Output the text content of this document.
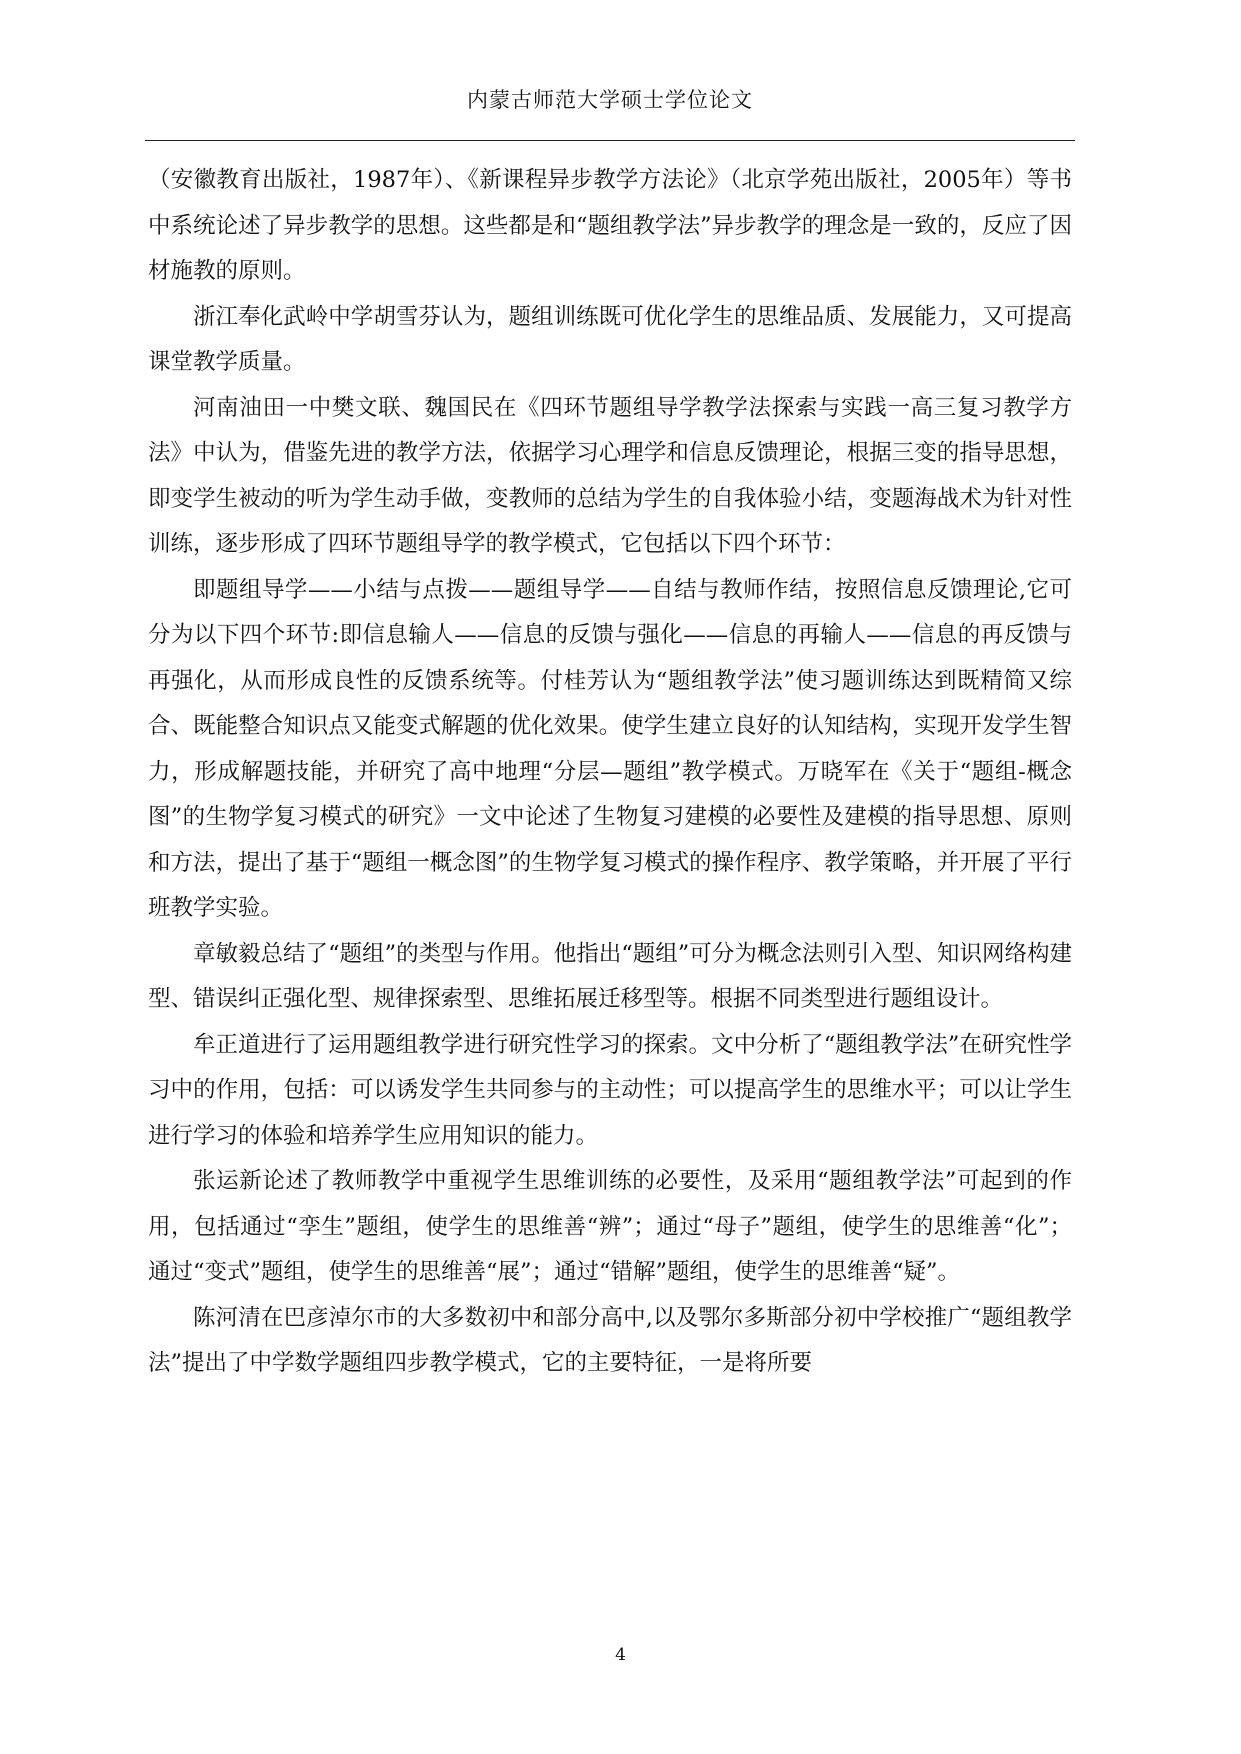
内蒙古师范大学硕士学位论文

（安徽教育出版社，1987年）、《新课程异步教学方法论》（北京学苑出版社，2005年）等书中系统论述了异步教学的思想。这些都是和“题组教学法”异步教学的理念是一致的，反应了因材施教的原则。

浙江奉化武岭中学胡雪芬认为，题组训练既可优化学生的思维品质、发展能力，又可提高课堂教学质量。

河南油田一中樊文联、魏国民在《四环节题组导学教学法探索与实践一高三复习教学方法》中认为，借鉴先进的教学方法，依据学习心理学和信息反馈理论，根据三变的指导思想，即变学生被动的听为学生动手做，变教师的总结为学生的自我体验小结，变题海战术为针对性训练，逐步形成了四环节题组导学的教学模式，它包括以下四个环节：

即题组导学——小结与点拨——题组导学——自结与教师作结，按照信息反馈理论,它可分为以下四个环节:即信息输人——信息的反馈与强化——信息的再输人——信息的再反馈与再强化，从而形成良性的反馈系统等。付桂芳认为“题组教学法”使习题训练达到既精简又综合、既能整合知识点又能变式解题的优化效果。使学生建立良好的认知结构，实现开发学生智力，形成解题技能，并研究了高中地理“分层—题组”教学模式。万晓军在《关于“题组-概念图”的生物学复习模式的研究》一文中论述了生物复习建模的必要性及建模的指导思想、原则和方法，提出了基于“题组一概念图”的生物学复习模式的操作程序、教学策略，并开展了平行班教学实验。

章敏毅总结了“题组”的类型与作用。他指出“题组”可分为概念法则引入型、知识网络构建型、错误纠正强化型、规律探索型、思维拓展迁移型等。根据不同类型进行题组设计。

牟正道进行了运用题组教学进行研究性学习的探索。文中分析了“题组教学法”在研究性学习中的作用，包括：可以诱发学生共同参与的主动性；可以提高学生的思维水平；可以让学生进行学习的体验和培养学生应用知识的能力。

张运新论述了教师教学中重视学生思维训练的必要性，及采用“题组教学法”可起到的作用，包括通过“孪生”题组，使学生的思维善“辨”；通过“母子”题组，使学生的思维善“化”；通过“变式”题组，使学生的思维善“展”；通过“错解”题组，使学生的思维善“疑”。

陈河清在巴彦淖尔市的大多数初中和部分高中,以及鄂尔多斯部分初中学校推广“题组教学法”提出了中学数学题组四步教学模式，它的主要特征，一是将所要

4
